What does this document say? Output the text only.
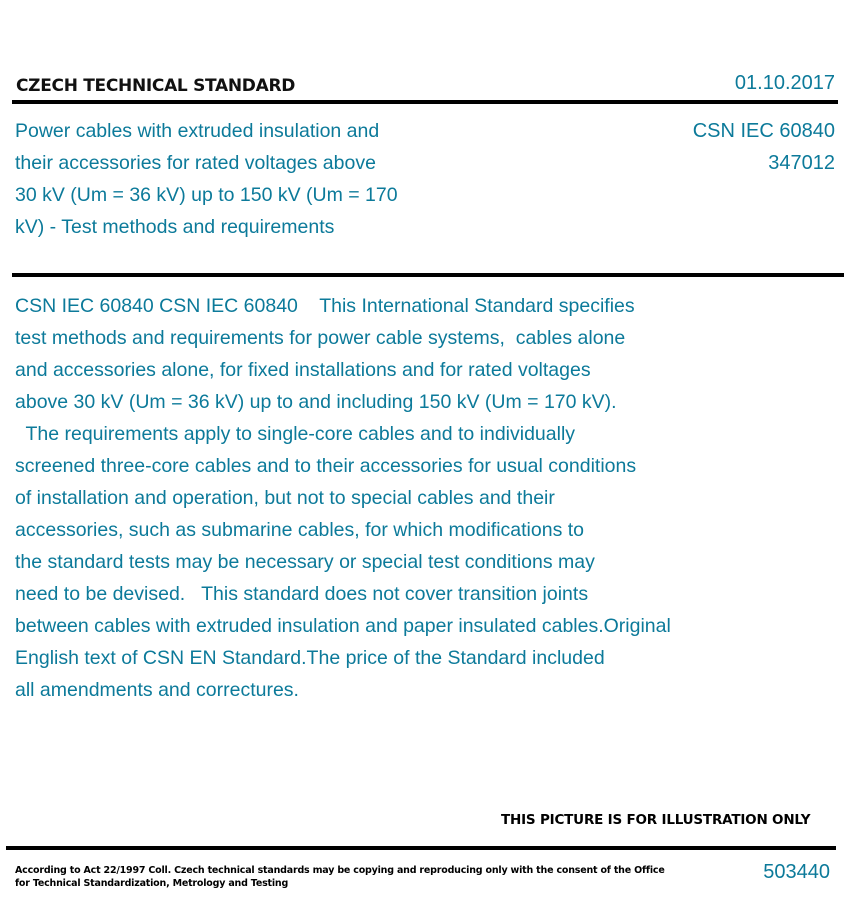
CZECH TECHNICAL STANDARD	01.10.2017
Power cables with extruded insulation and
their accessories for rated voltages above
30 kV (Um = 36 kV) up to 150 kV (Um = 170
kV) - Test methods and requirements
CSN IEC 60840
347012
CSN IEC 60840 CSN IEC 60840    This International Standard specifies
test methods and requirements for power cable systems,  cables alone
and accessories alone, for fixed installations and for rated voltages
above 30 kV (Um = 36 kV) up to and including 150 kV (Um = 170 kV).
The requirements apply to single-core cables and to individually
screened three-core cables and to their accessories for usual conditions
of installation and operation, but not to special cables and their
accessories, such as submarine cables, for which modifications to
the standard tests may be necessary or special test conditions may
need to be devised.   This standard does not cover transition joints
between cables with extruded insulation and paper insulated cables.Original
English text of CSN EN Standard.The price of the Standard included
all amendments and correctures.
THIS PICTURE IS FOR ILLUSTRATION ONLY
According to Act 22/1997 Coll. Czech technical standards may be copying and reproducing only with the consent of the Office
for Technical Standardization, Metrology and Testing
503440
